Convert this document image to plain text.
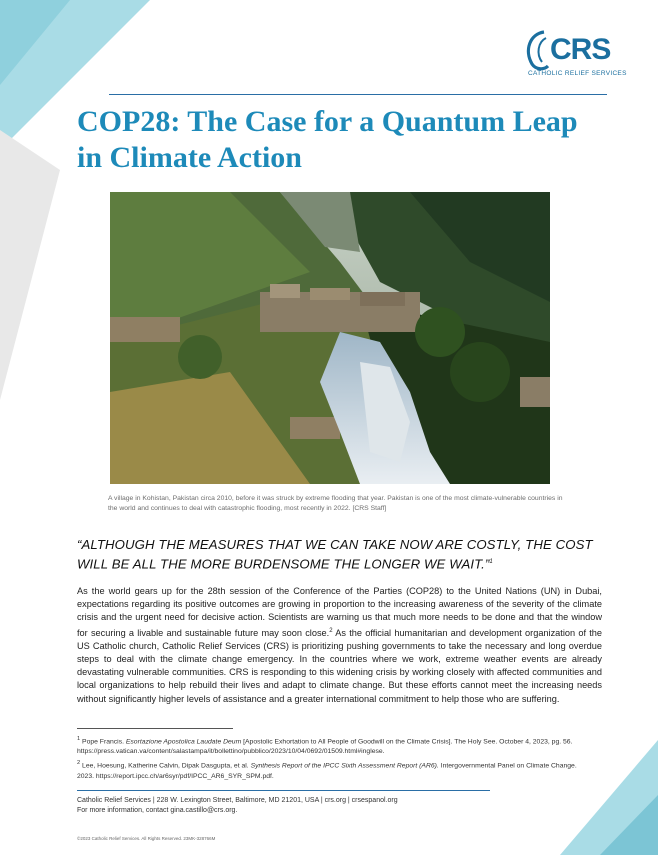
CRS
CATHOLIC RELIEF SERVICES
COP28: The Case for a Quantum Leap in Climate Action
A village in Kohistan, Pakistan circa 2010, before it was struck by extreme flooding that year. Pakistan is one of the most climate-vulnerable countries in the world and continues to deal with catastrophic flooding, most recently in 2022. [CRS Staff]
“ALTHOUGH THE MEASURES THAT WE CAN TAKE NOW ARE COSTLY, THE COST WILL BE ALL THE MORE BURDENSOME THE LONGER WE WAIT.”$^1$

As the world gears up for the 28th session of the Conference of the Parties (COP28) to the United Nations (UN) in Dubai, expectations regarding its positive outcomes are growing in proportion to the increasing awareness of the severity of the climate crisis and the urgent need for decisive action. Scientists are warning us that much more needs to be done and that the window for securing a livable and sustainable future may soon close.$^2$ As the official humanitarian and development organization of the US Catholic church, Catholic Relief Services (CRS) is prioritizing pushing governments to take the necessary and long overdue steps to deal with the climate change emergency. In the countries where we work, extreme weather events are already devastating vulnerable communities. CRS is responding to this widening crisis by working closely with affected communities and local organizations to help rebuild their lives and adapt to climate change. But these efforts cannot meet the increasing needs without significantly higher levels of assistance and a greater international commitment to help those who are suffering.

$^1$ Pope Francis. Esortazione Apostolica Laudate Deum [Apostolic Exhortation to All People of Goodwill on the Climate Crisis]. The Holy See. October 4, 2023, pg. 56. https://press.vatican.va/content/salastampa/it/bollettino/pubblico/2023/10/04/0692/01509.html#inglese.

$^2$ Lee, Hoesung, Katherine Calvin, Dipak Dasgupta, et al. Synthesis Report of the IPCC Sixth Assessment Report (AR6). Intergovernmental Panel on Climate Change. 2023. https://report.ipcc.ch/ar6syr/pdf/IPCC_AR6_SYR_SPM.pdf.

Catholic Relief Services | 228 W. Lexington Street, Baltimore, MD 21201, USA | crs.org | crsespanol.org
For more information, contact gina.castillo@crs.org.
©2023 Catholic Relief Services. All Rights Reserved. 23MK-328766M
